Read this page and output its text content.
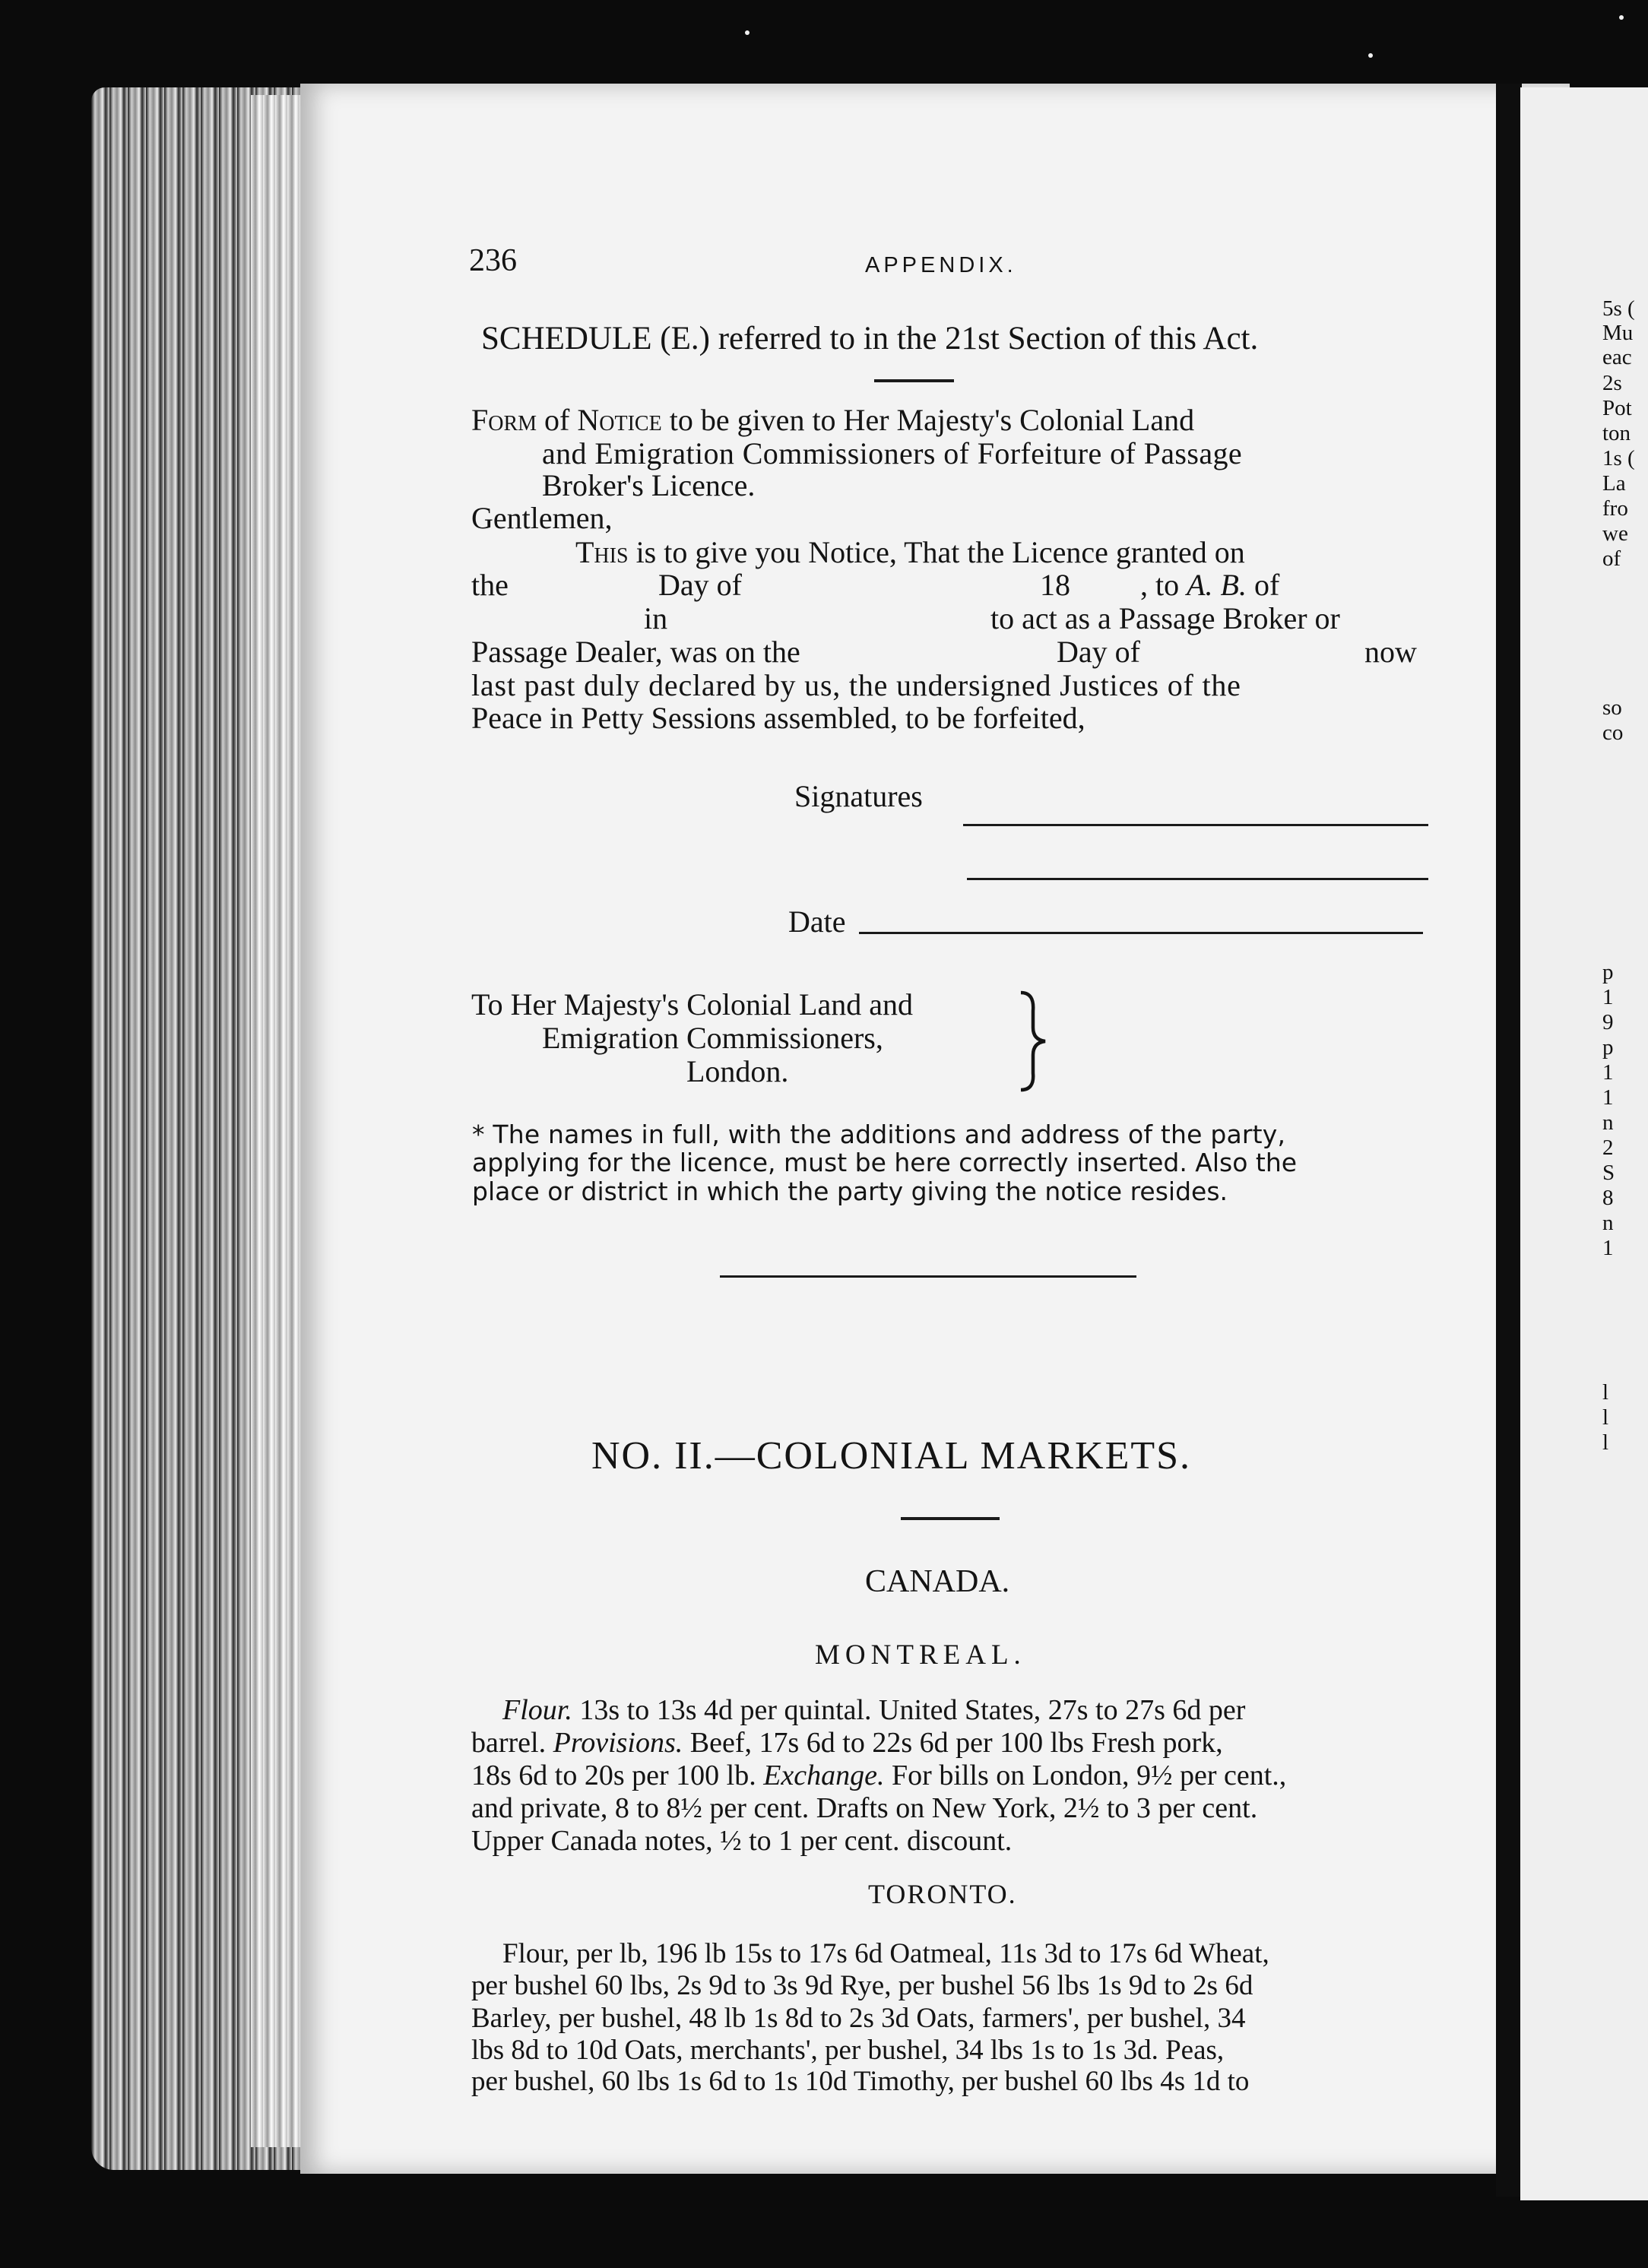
236	APPENDIX.
SCHEDULE (E.) referred to in the 21st Section of this Act.
Form of Notice to be given to Her Majesty's Colonial Land
and Emigration Commissioners of Forfeiture of Passage
Broker's Licence.
Gentlemen,
This is to give you Notice, That the Licence granted on
the	Day of	18 , to A. B. of
in	to act as a Passage Broker or
Passage Dealer, was on the	Day of	now
last past duly declared by us, the undersigned Justices of the
Peace in Petty Sessions assembled, to be forfeited,
Signatures
Date
To Her Majesty's Colonial Land and
Emigration Commissioners,
London.
* The names in full, with the additions and address of the party,
applying for the licence, must be here correctly inserted. Also the
place or district in which the party giving the notice resides.
NO. II.—COLONIAL MARKETS.
CANADA.
MONTREAL.
Flour. 13s to 13s 4d per quintal. United States, 27s to 27s 6d per
barrel. Provisions. Beef, 17s 6d to 22s 6d per 100 lbs Fresh pork,
18s 6d to 20s per 100 lb. Exchange. For bills on London, 9½ per cent.,
and private, 8 to 8½ per cent. Drafts on New York, 2½ to 3 per cent.
Upper Canada notes, ½ to 1 per cent. discount.
TORONTO.
Flour, per lb, 196 lb 15s to 17s 6d Oatmeal, 11s 3d to 17s 6d Wheat,
per bushel 60 lbs, 2s 9d to 3s 9d Rye, per bushel 56 lbs 1s 9d to 2s 6d
Barley, per bushel, 48 lb 1s 8d to 2s 3d Oats, farmers', per bushel, 34
lbs 8d to 10d Oats, merchants', per bushel, 34 lbs 1s to 1s 3d. Peas,
per bushel, 60 lbs 1s 6d to 1s 10d Timothy, per bushel 60 lbs 4s 1d to
5s (
Mu
eac
2s
Pot
ton
1s (
La
fro
we
of
so
co
p
1
9
p
1
1
n
2
S
8
n
1
l
l
l
